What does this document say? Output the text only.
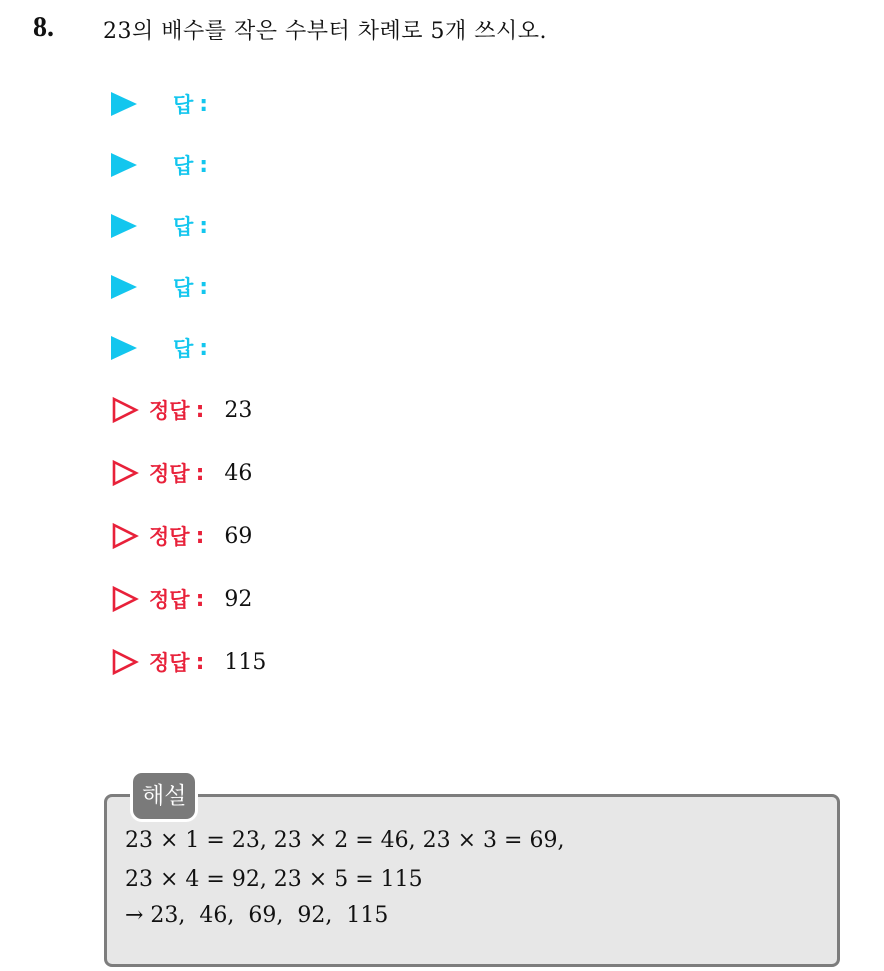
8. 23의 배수를 작은 수부터 차례로 5개 쓰시오.
답 :
답 :
답 :
답 :
답 :
정답 : 23
정답 : 46
정답 : 69
정답 : 92
정답 : 115
해설
23 × 1 = 23, 23 × 2 = 46, 23 × 3 = 69,
23 × 4 = 92, 23 × 5 = 115
→ 23,  46,  69,  92,  115
